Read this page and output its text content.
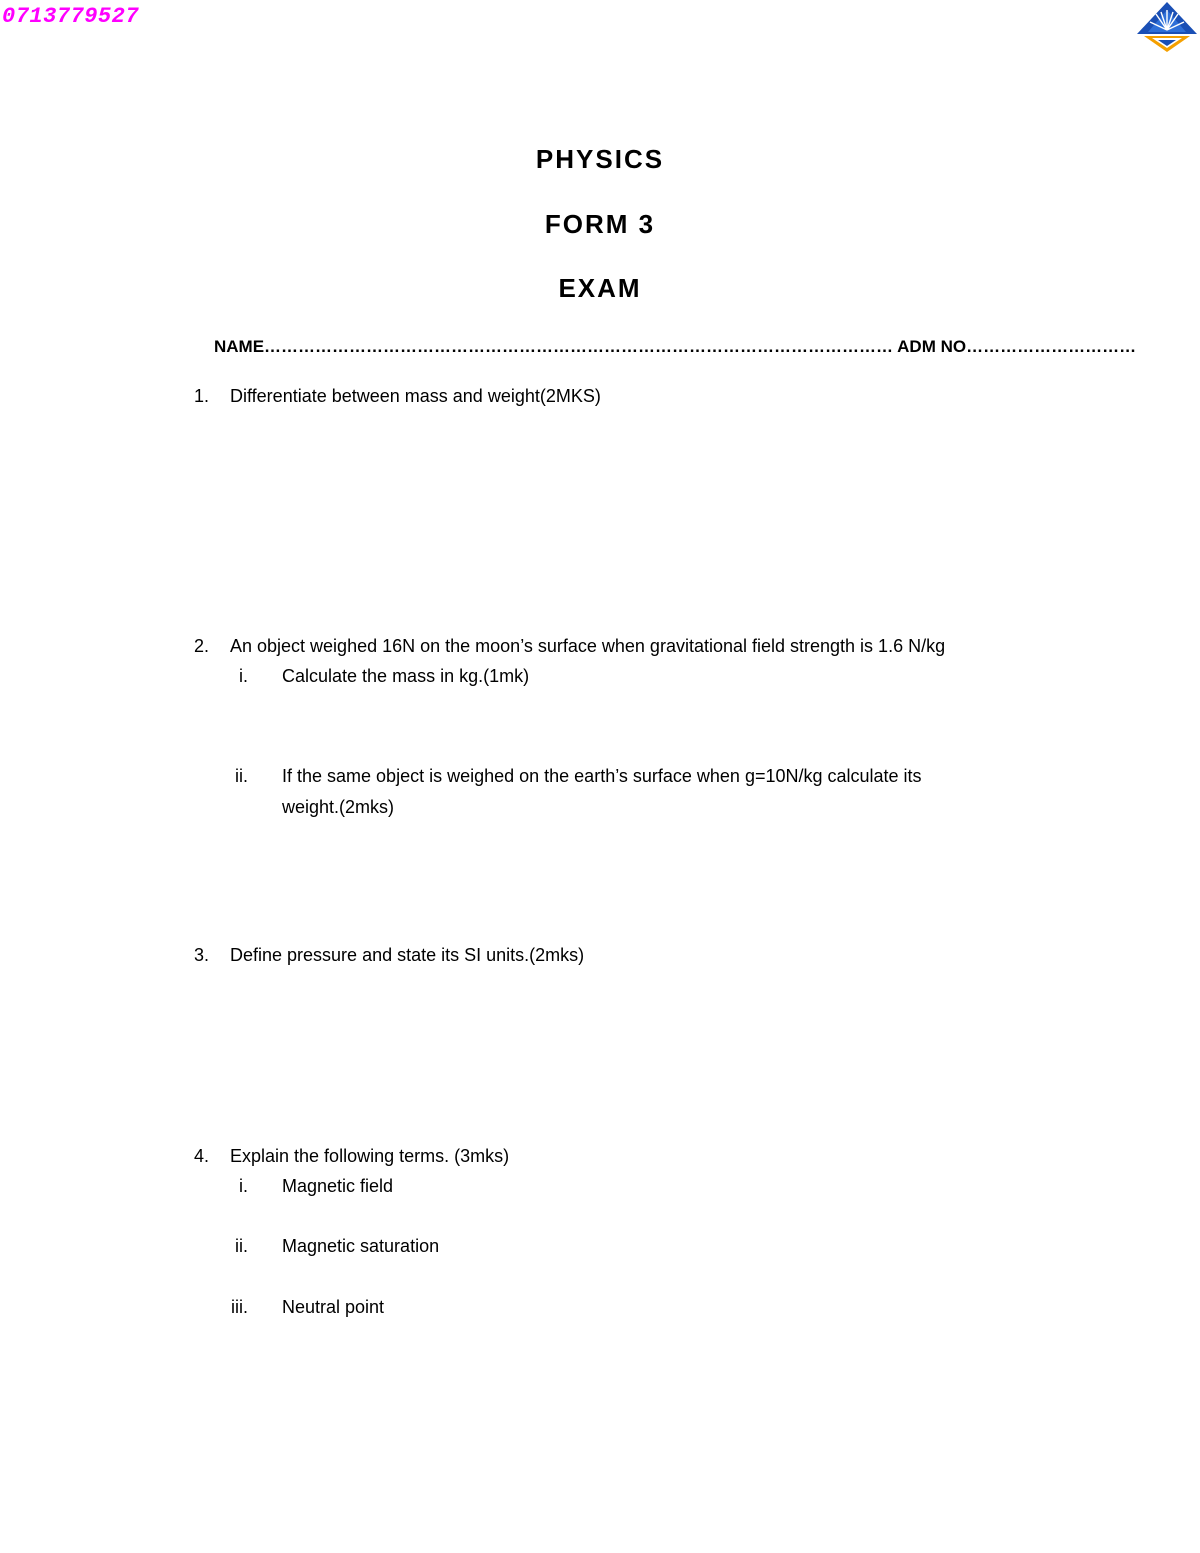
0713779527
PHYSICS
FORM 3
EXAM
NAME………………………………………………………………………………………………… ADM NO…………………………
1. Differentiate between mass and weight(2MKS)
2. An object weighed 16N on the moon’s surface when gravitational field strength is 1.6 N/kg
i. Calculate the mass in kg.(1mk)
ii. If the same object is weighed on the earth’s surface when g=10N/kg calculate its
weight.(2mks)
3. Define pressure and state its SI units.(2mks)
4. Explain the following terms. (3mks)
i. Magnetic field
ii. Magnetic saturation
iii. Neutral point
